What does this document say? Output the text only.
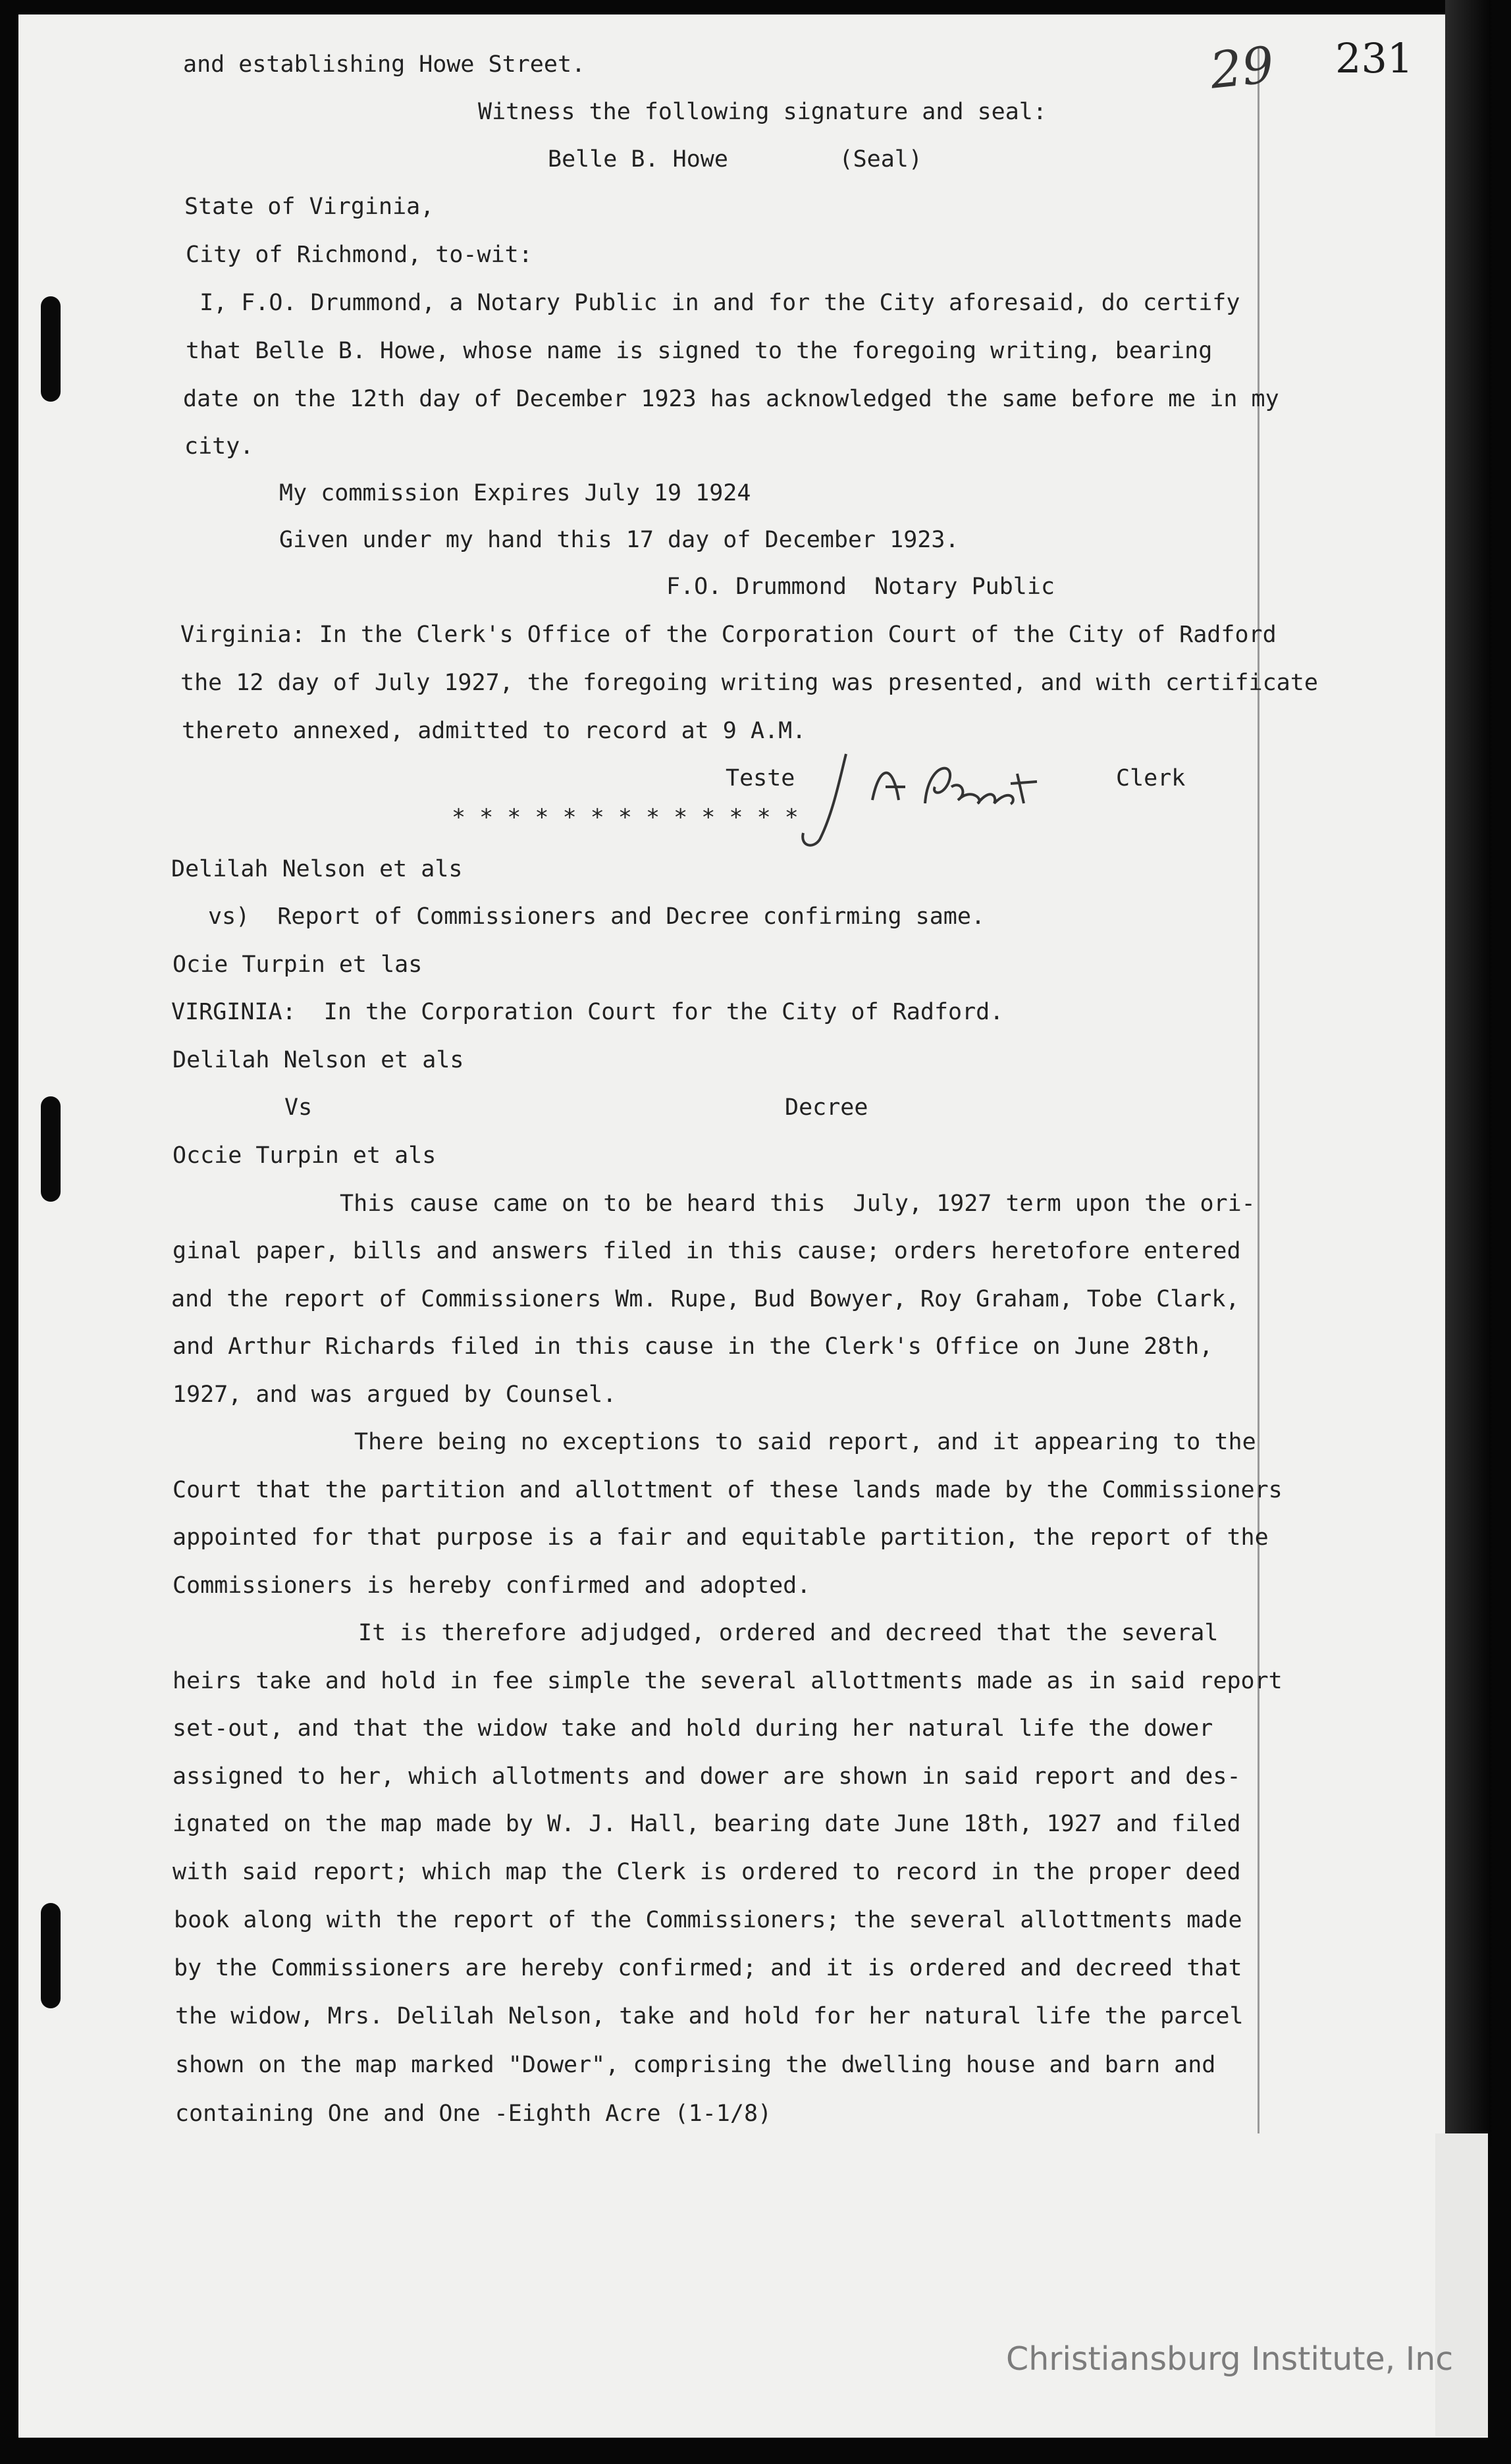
29 231
and establishing Howe Street.
Witness the following signature and seal:
Belle B. Howe        (Seal)
State of Virginia,
City of Richmond, to-wit:
I, F.O. Drummond, a Notary Public in and for the City aforesaid, do certify
that Belle B. Howe, whose name is signed to the foregoing writing, bearing
date on the 12th day of December 1923 has acknowledged the same before me in my
city.
My commission Expires July 19 1924
Given under my hand this 17 day of December 1923.
F.O. Drummond  Notary Public
Virginia: In the Clerk's Office of the Corporation Court of the City of Radford
the 12 day of July 1927, the foregoing writing was presented, and with certificate
thereto annexed, admitted to record at 9 A.M.
Teste	Clerk
* * * * * * * * * * * * *
Delilah Nelson et als
vs)  Report of Commissioners and Decree confirming same.
Ocie Turpin et las
VIRGINIA:  In the Corporation Court for the City of Radford.
Delilah Nelson et als
Vs	Decree
Occie Turpin et als
This cause came on to be heard this  July, 1927 term upon the ori-
ginal paper, bills and answers filed in this cause; orders heretofore entered
and the report of Commissioners Wm. Rupe, Bud Bowyer, Roy Graham, Tobe Clark,
and Arthur Richards filed in this cause in the Clerk's Office on June 28th,
1927, and was argued by Counsel.
There being no exceptions to said report, and it appearing to the
Court that the partition and allottment of these lands made by the Commissioners
appointed for that purpose is a fair and equitable partition, the report of the
Commissioners is hereby confirmed and adopted.
It is therefore adjudged, ordered and decreed that the several
heirs take and hold in fee simple the several allottments made as in said report
set-out, and that the widow take and hold during her natural life the dower
assigned to her, which allotments and dower are shown in said report and des-
ignated on the map made by W. J. Hall, bearing date June 18th, 1927 and filed
with said report; which map the Clerk is ordered to record in the proper deed
book along with the report of the Commissioners; the several allottments made
by the Commissioners are hereby confirmed; and it is ordered and decreed that
the widow, Mrs. Delilah Nelson, take and hold for her natural life the parcel
shown on the map marked "Dower", comprising the dwelling house and barn and
containing One and One -Eighth Acre (1-1/8)
Christiansburg Institute, Inc
